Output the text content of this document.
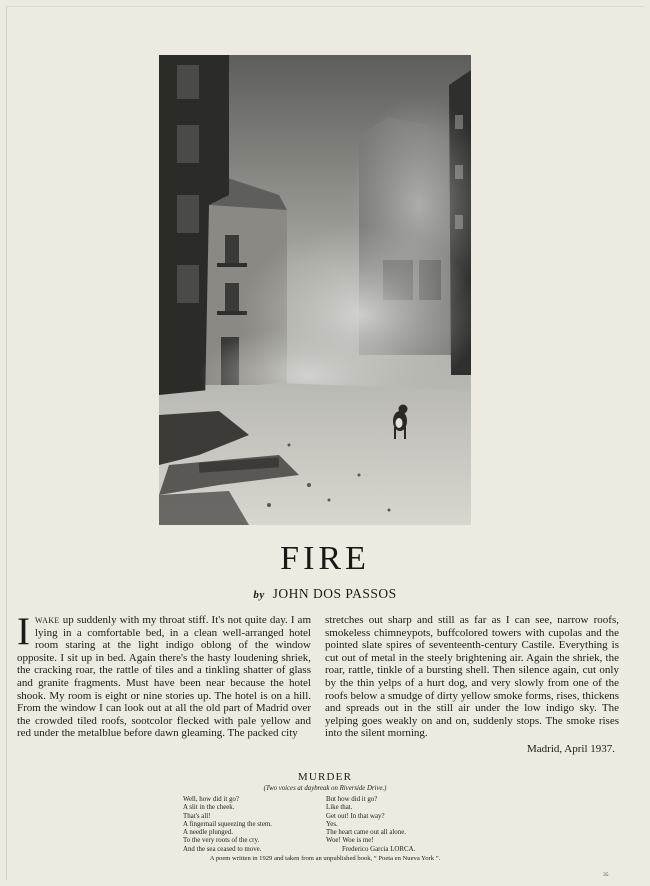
FIRE
by JOHN DOS PASSOS
Iwake up suddenly with my throat stiff. It's not quite day. I am lying in a comfortable bed, in a clean well-arranged hotel room staring at the light indigo oblong of the window opposite. I sit up in bed. Again there's the hasty loudening shriek, the cracking roar, the rattle of tiles and a tinkling shatter of glass and granite fragments. Must have been near because the hotel shook. My room is eight or nine stories up. The hotel is on a hill. From the window I can look out at all the old part of Madrid over the crowded tiled roofs, sootcolor flecked with pale yellow and red under the metalblue before dawn gleaming. The packed city
stretches out sharp and still as far as I can see, narrow roofs, smokeless chimneypots, buffcolored towers with cupolas and the pointed slate spires of seventeenth-century Castile. Everything is cut out of metal in the steely brightening air. Again the shriek, the roar, rattle, tinkle of a bursting shell. Then silence again, cut only by the thin yelps of a hurt dog, and very slowly from one of the roofs below a smudge of dirty yellow smoke forms, rises, thickens and spreads out in the still air under the low indigo sky. The yelping goes weakly on and on, suddenly stops. The smoke rises into the silent morning.
Madrid, April 1937.
MURDER
(Two voices at daybreak on Riverside Drive.)
Well, how did it go?
A slit in the cheek.
That's all!
A fingernail squeezing the stem.
A needle plunged.
To the very roots of the cry.
And the sea ceased to move.
But how did it go?
Like that.
Get out! In that way?
Yes.
The heart came out all alone.
Woe! Woe is me!
Frederico Garcia LORCA.
A poem written in 1929 and taken from an unpublished book, “ Poeta en Nueva York ”.
35
